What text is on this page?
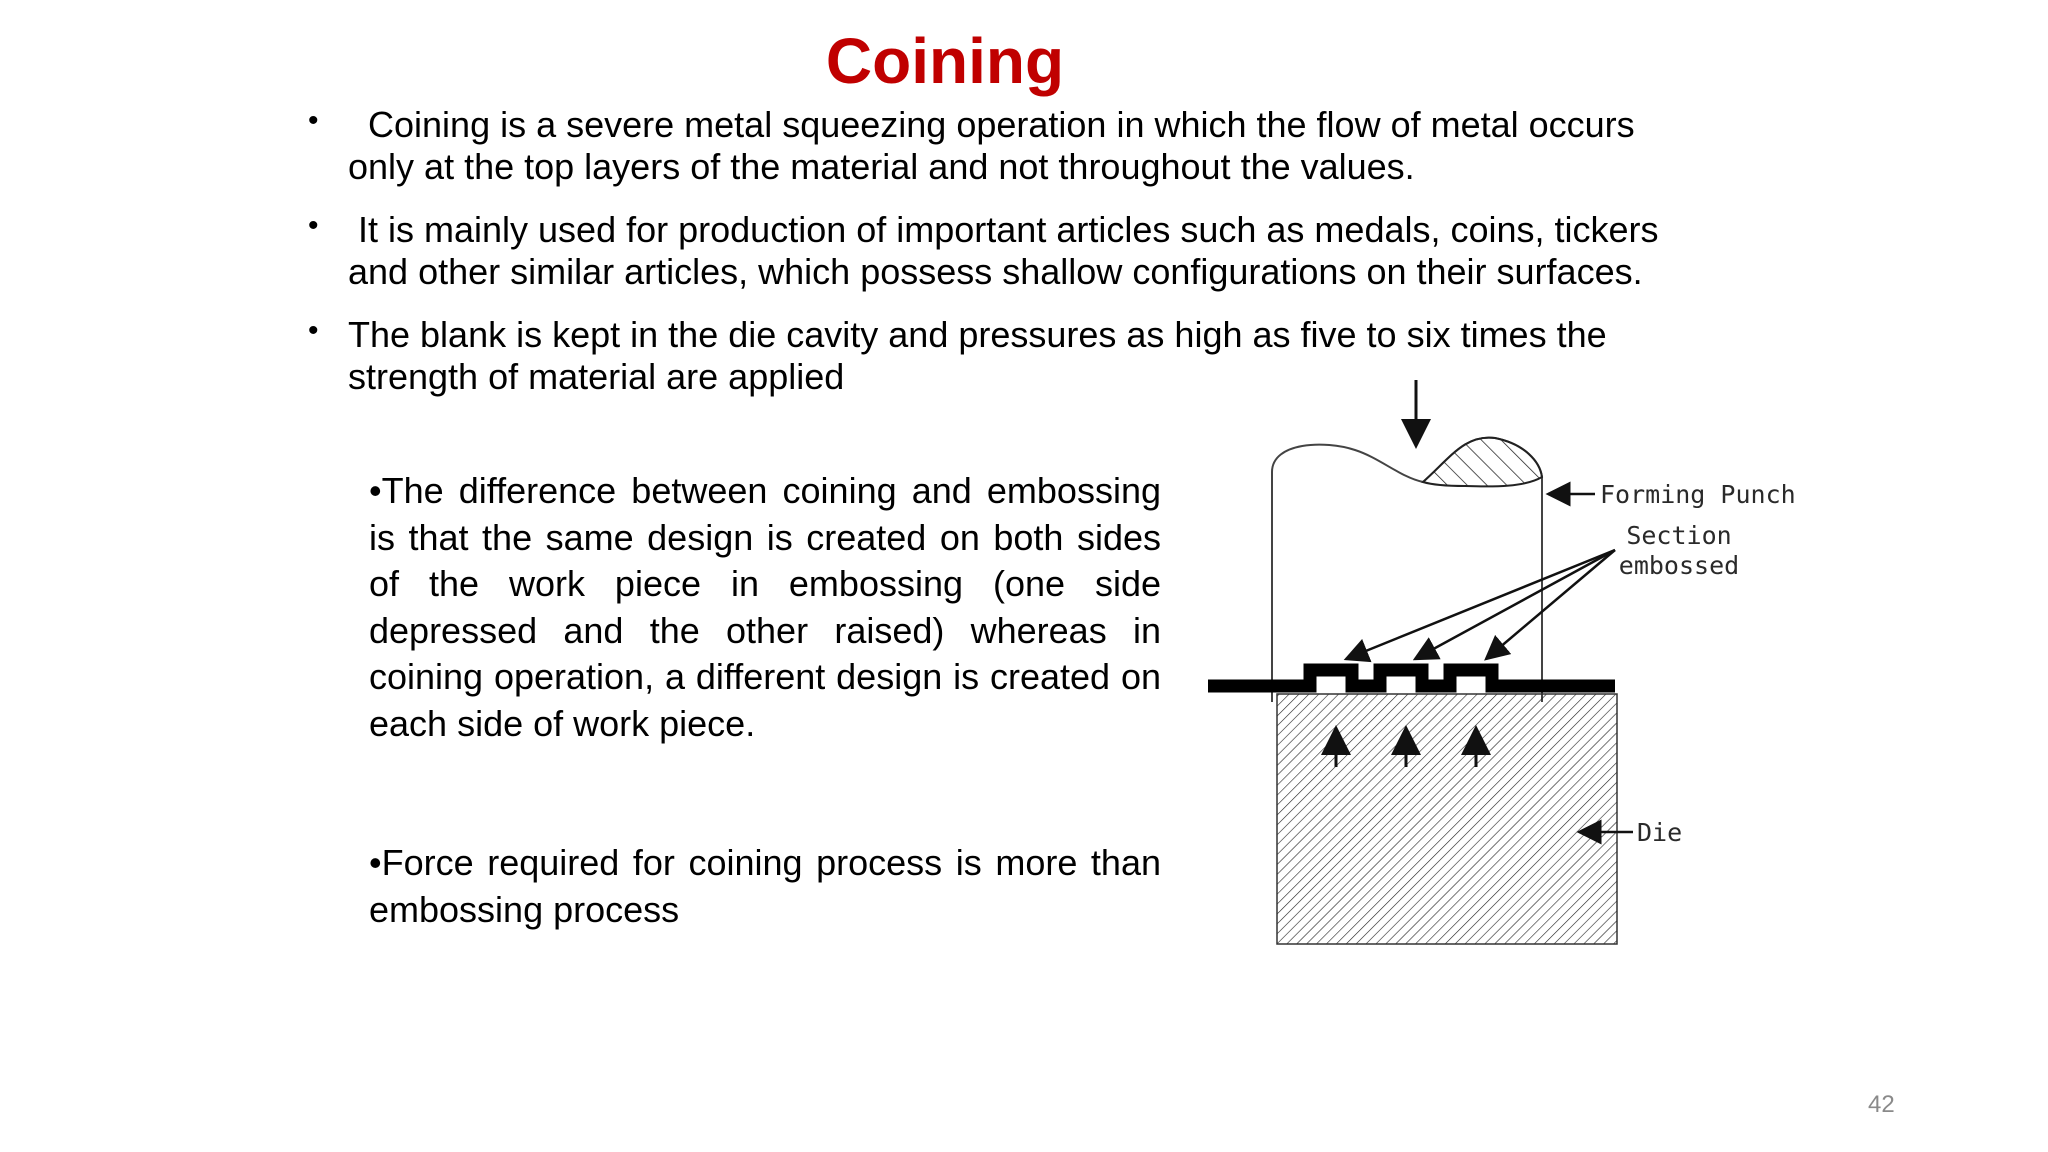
Coining
• Coining is a severe metal squeezing operation in which the flow of metal occurs
only at the top layers of the material and not throughout the values.
• It is mainly used for production of important articles such as medals, coins, tickers
and other similar articles, which possess shallow configurations on their surfaces.
• The blank is kept in the die cavity and pressures as high as five to six times the
strength of material are applied
•The difference between coining and embossing is that the same design is created on both sides of the work piece in embossing (one side depressed and the other raised) whereas in coining operation, a different design is created on each side of work piece.
•Force required for coining process is more than embossing process
Forming Punch
Section
embossed
Die
42
